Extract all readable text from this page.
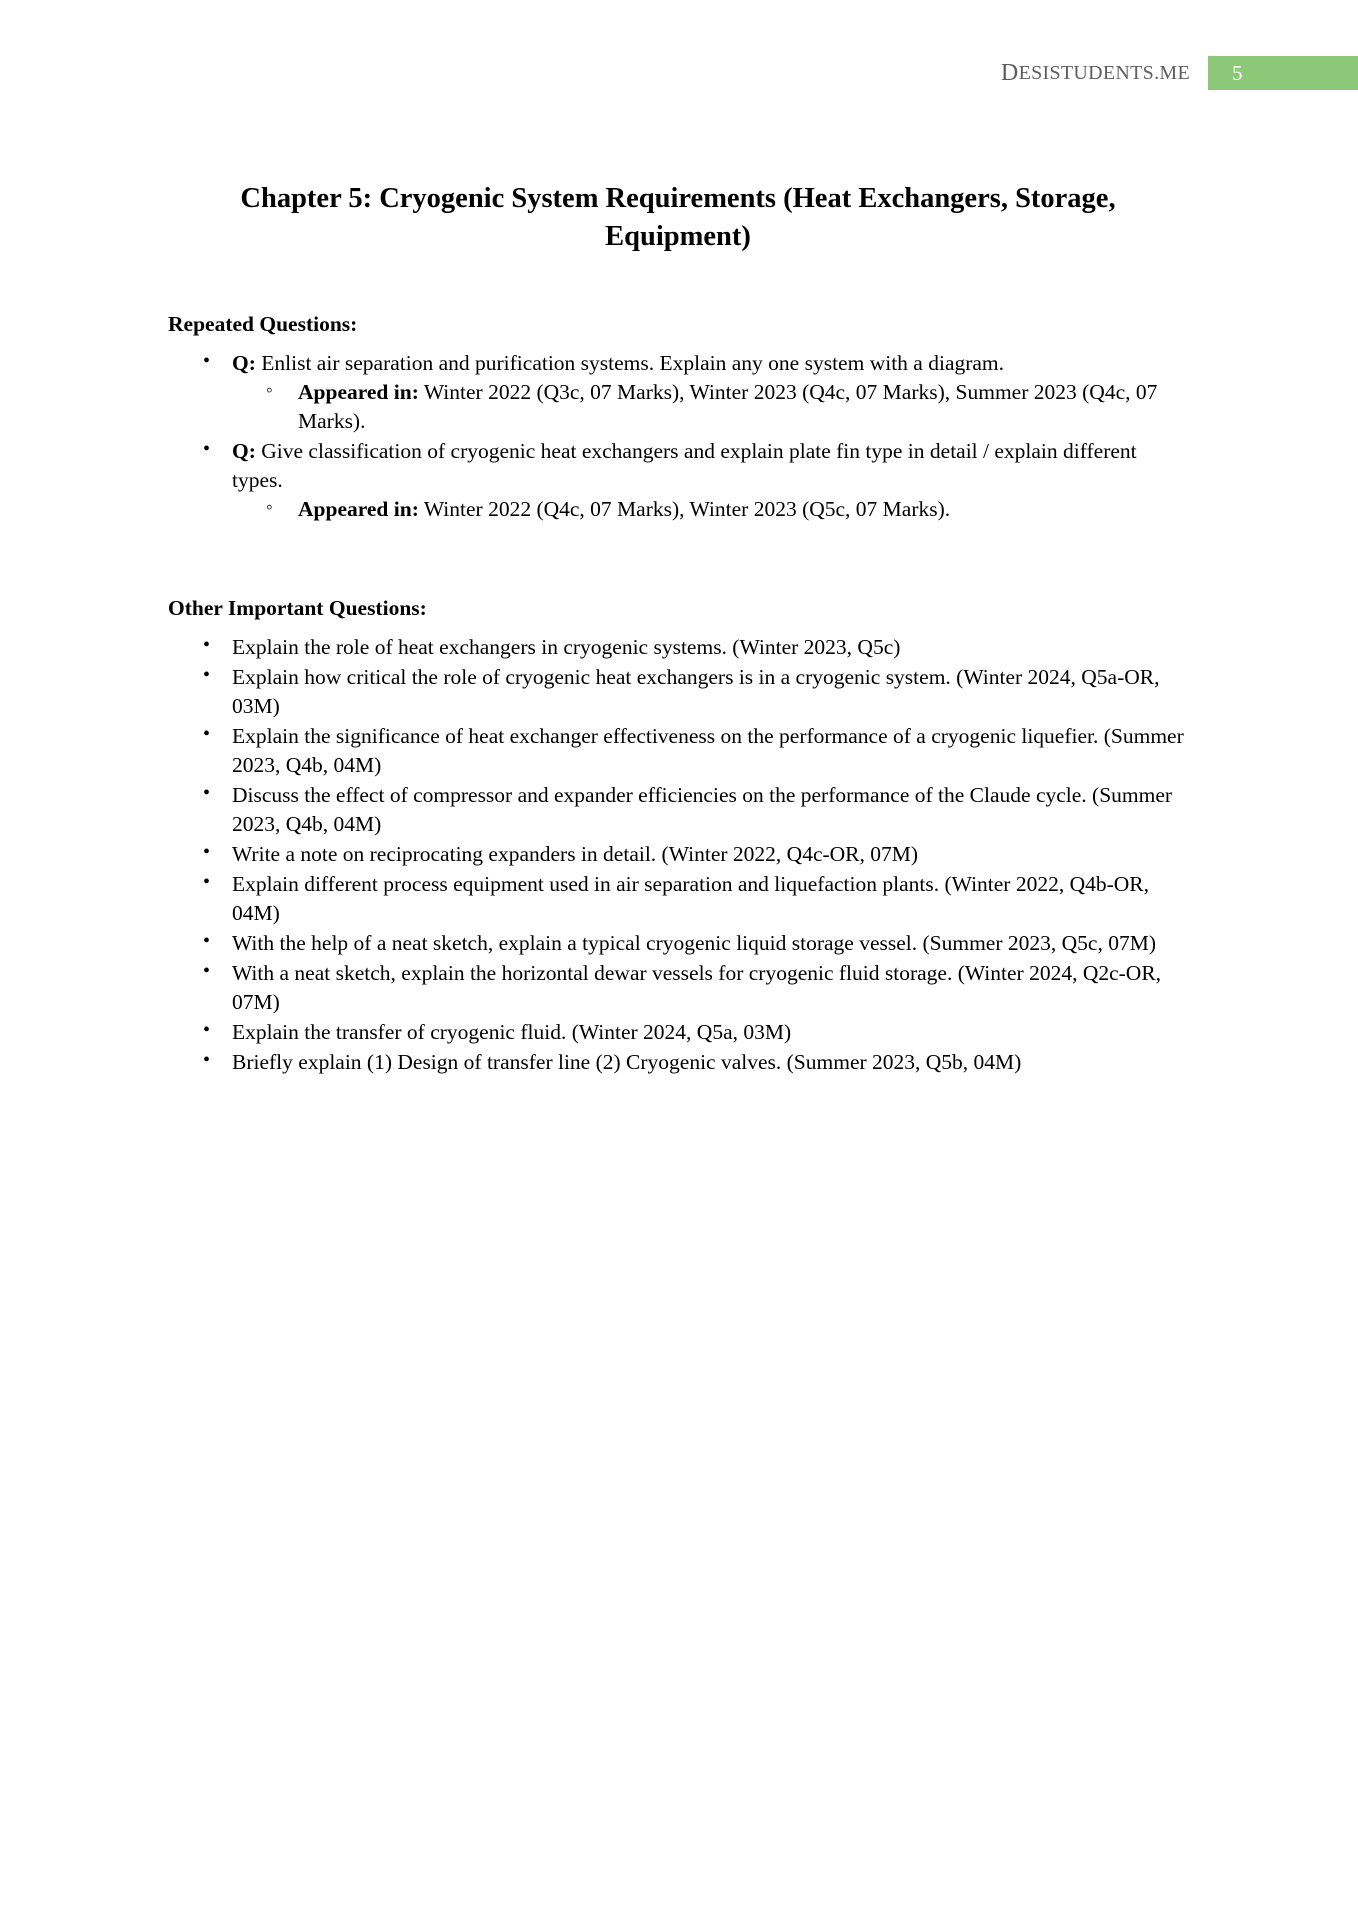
D ESISTUDENTS.ME 5
Chapter 5: Cryogenic System Requirements (Heat Exchangers, Storage, Equipment)
Repeated Questions:
• Q: Enlist air separation and purification systems. Explain any one system with a diagram.
◦ Appeared in: Winter 2022 (Q3c, 07 Marks), Winter 2023 (Q4c, 07 Marks), Summer 2023 (Q4c, 07 Marks).
• Q: Give classification of cryogenic heat exchangers and explain plate fin type in detail / explain different types.
◦ Appeared in: Winter 2022 (Q4c, 07 Marks), Winter 2023 (Q5c, 07 Marks).
Other Important Questions:
• Explain the role of heat exchangers in cryogenic systems. (Winter 2023, Q5c)
• Explain how critical the role of cryogenic heat exchangers is in a cryogenic system. (Winter 2024, Q5a-OR, 03M)
• Explain the significance of heat exchanger effectiveness on the performance of a cryogenic liquefier. (Summer 2023, Q4b, 04M)
• Discuss the effect of compressor and expander efficiencies on the performance of the Claude cycle. (Summer 2023, Q4b, 04M)
• Write a note on reciprocating expanders in detail. (Winter 2022, Q4c-OR, 07M)
• Explain different process equipment used in air separation and liquefaction plants. (Winter 2022, Q4b-OR, 04M)
• With the help of a neat sketch, explain a typical cryogenic liquid storage vessel. (Summer 2023, Q5c, 07M)
• With a neat sketch, explain the horizontal dewar vessels for cryogenic fluid storage. (Winter 2024, Q2c-OR, 07M)
• Explain the transfer of cryogenic fluid. (Winter 2024, Q5a, 03M)
• Briefly explain (1) Design of transfer line (2) Cryogenic valves. (Summer 2023, Q5b, 04M)
